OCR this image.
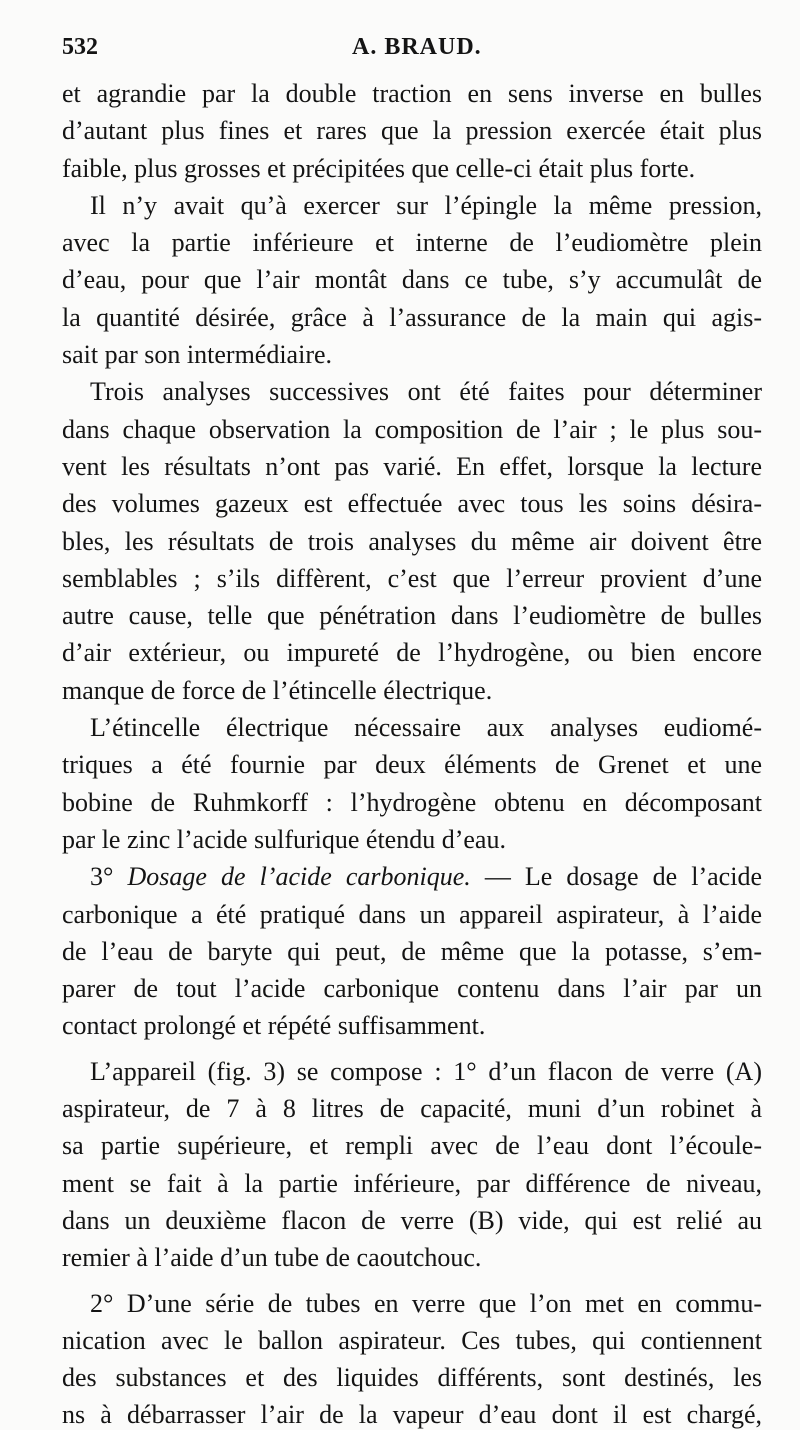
532	A. BRAUD.
et agrandie par la double traction en sens inverse en bulles
d’autant plus fines et rares que la pression exercée était plus
faible, plus grosses et précipitées que celle-ci était plus forte.
Il n’y avait qu’à exercer sur l’épingle la même pression,
avec la partie inférieure et interne de l’eudiomètre plein
d’eau, pour que l’air montât dans ce tube, s’y accumulât de
la quantité désirée, grâce à l’assurance de la main qui agis-
sait par son intermédiaire.
Trois analyses successives ont été faites pour déterminer
dans chaque observation la composition de l’air ; le plus sou-
vent les résultats n’ont pas varié. En effet, lorsque la lecture
des volumes gazeux est effectuée avec tous les soins désira-
bles, les résultats de trois analyses du même air doivent être
semblables ; s’ils diffèrent, c’est que l’erreur provient d’une
autre cause, telle que pénétration dans l’eudiomètre de bulles
d’air extérieur, ou impureté de l’hydrogène, ou bien encore
manque de force de l’étincelle électrique.
L’étincelle électrique nécessaire aux analyses eudiomé-
triques a été fournie par deux éléments de Grenet et une
bobine de Ruhmkorff : l’hydrogène obtenu en décomposant
par le zinc l’acide sulfurique étendu d’eau.
3° Dosage de l’acide carbonique. — Le dosage de l’acide
carbonique a été pratiqué dans un appareil aspirateur, à l’aide
de l’eau de baryte qui peut, de même que la potasse, s’em-
parer de tout l’acide carbonique contenu dans l’air par un
contact prolongé et répété suffisamment.
L’appareil (fig. 3) se compose : 1° d’un flacon de verre (A)
aspirateur, de 7 à 8 litres de capacité, muni d’un robinet à
sa partie supérieure, et rempli avec de l’eau dont l’écoule-
ment se fait à la partie inférieure, par différence de niveau,
dans un deuxième flacon de verre (B) vide, qui est relié au
remier à l’aide d’un tube de caoutchouc.
2° D’une série de tubes en verre que l’on met en commu-
nication avec le ballon aspirateur. Ces tubes, qui contiennent
des substances et des liquides différents, sont destinés, les
ns à débarrasser l’air de la vapeur d’eau dont il est chargé,
